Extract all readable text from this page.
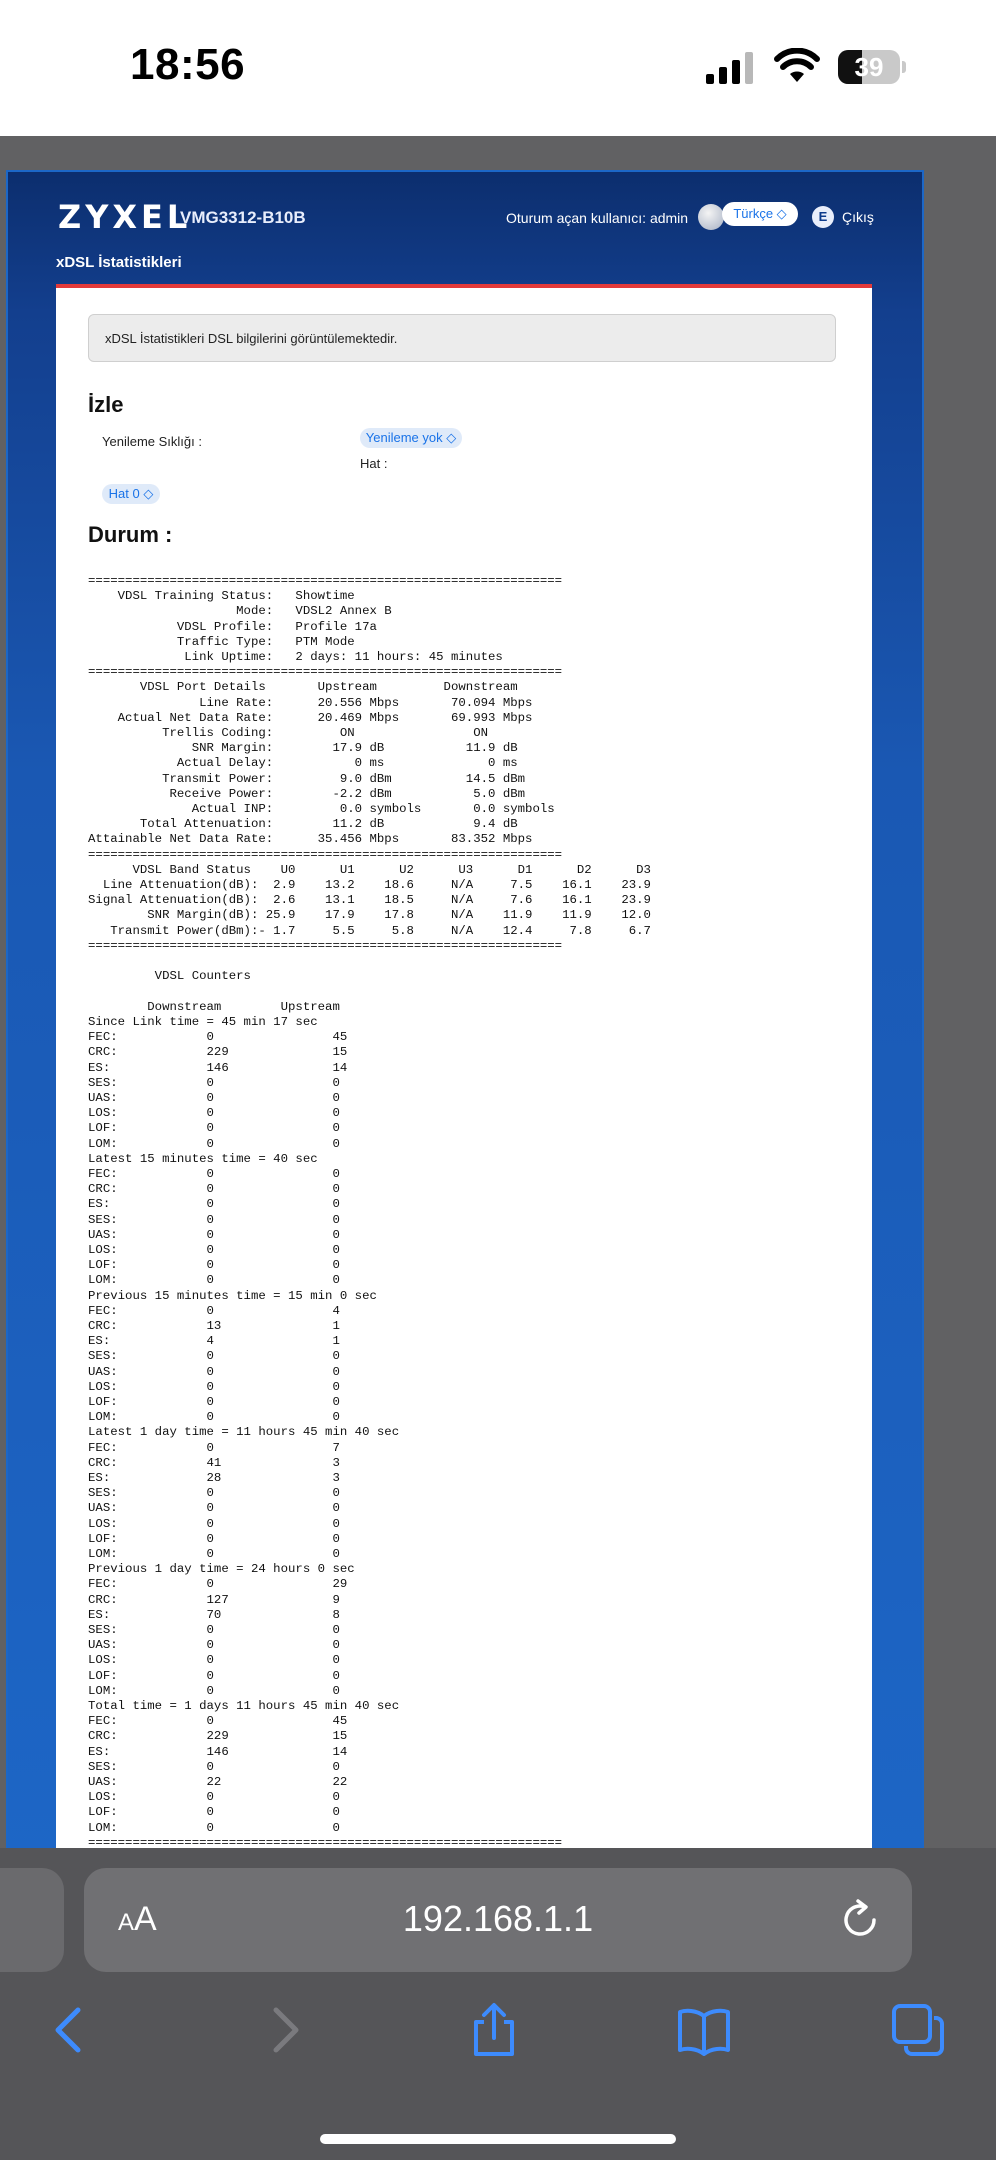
18:56	39
ZYXEL
VMG3312-B10B	Oturum açan kullanıcı: admin	Türkçe ◇	E	Çıkış
xDSL İstatistikleri
xDSL İstatistikleri DSL bilgilerini görüntülemektedir.
İzle
Yenileme Sıklığı :	Yenileme yok ◇
Hat :
Hat 0 ◇
Durum :
================================================================
VDSL Training Status:   Showtime
Mode:   VDSL2 Annex B
VDSL Profile:   Profile 17a
Traffic Type:   PTM Mode
Link Uptime:   2 days: 11 hours: 45 minutes
================================================================
VDSL Port Details       Upstream         Downstream
Line Rate:      20.556 Mbps       70.094 Mbps
Actual Net Data Rate:      20.469 Mbps       69.993 Mbps
Trellis Coding:         ON                ON
SNR Margin:        17.9 dB           11.9 dB
Actual Delay:           0 ms              0 ms
Transmit Power:         9.0 dBm          14.5 dBm
Receive Power:        -2.2 dBm           5.0 dBm
Actual INP:         0.0 symbols       0.0 symbols
Total Attenuation:        11.2 dB            9.4 dB
Attainable Net Data Rate:      35.456 Mbps       83.352 Mbps
================================================================
VDSL Band Status    U0      U1      U2      U3      D1      D2      D3
Line Attenuation(dB):  2.9    13.2    18.6     N/A     7.5    16.1    23.9
Signal Attenuation(dB):  2.6    13.1    18.5     N/A     7.6    16.1    23.9
SNR Margin(dB): 25.9    17.9    17.8     N/A    11.9    11.9    12.0
Transmit Power(dBm):- 1.7     5.5     5.8     N/A    12.4     7.8     6.7
================================================================

VDSL Counters

Downstream        Upstream
Since Link time = 45 min 17 sec
FEC:            0                45
CRC:            229              15
ES:             146              14
SES:            0                0
UAS:            0                0
LOS:            0                0
LOF:            0                0
LOM:            0                0
Latest 15 minutes time = 40 sec
FEC:            0                0
CRC:            0                0
ES:             0                0
SES:            0                0
UAS:            0                0
LOS:            0                0
LOF:            0                0
LOM:            0                0
Previous 15 minutes time = 15 min 0 sec
FEC:            0                4
CRC:            13               1
ES:             4                1
SES:            0                0
UAS:            0                0
LOS:            0                0
LOF:            0                0
LOM:            0                0
Latest 1 day time = 11 hours 45 min 40 sec
FEC:            0                7
CRC:            41               3
ES:             28               3
SES:            0                0
UAS:            0                0
LOS:            0                0
LOF:            0                0
LOM:            0                0
Previous 1 day time = 24 hours 0 sec
FEC:            0                29
CRC:            127              9
ES:             70               8
SES:            0                0
UAS:            0                0
LOS:            0                0
LOF:            0                0
LOM:            0                0
Total time = 1 days 11 hours 45 min 40 sec
FEC:            0                45
CRC:            229              15
ES:             146              14
SES:            0                0
UAS:            22               22
LOS:            0                0
LOF:            0                0
LOM:            0                0
================================================================
AA	192.168.1.1
